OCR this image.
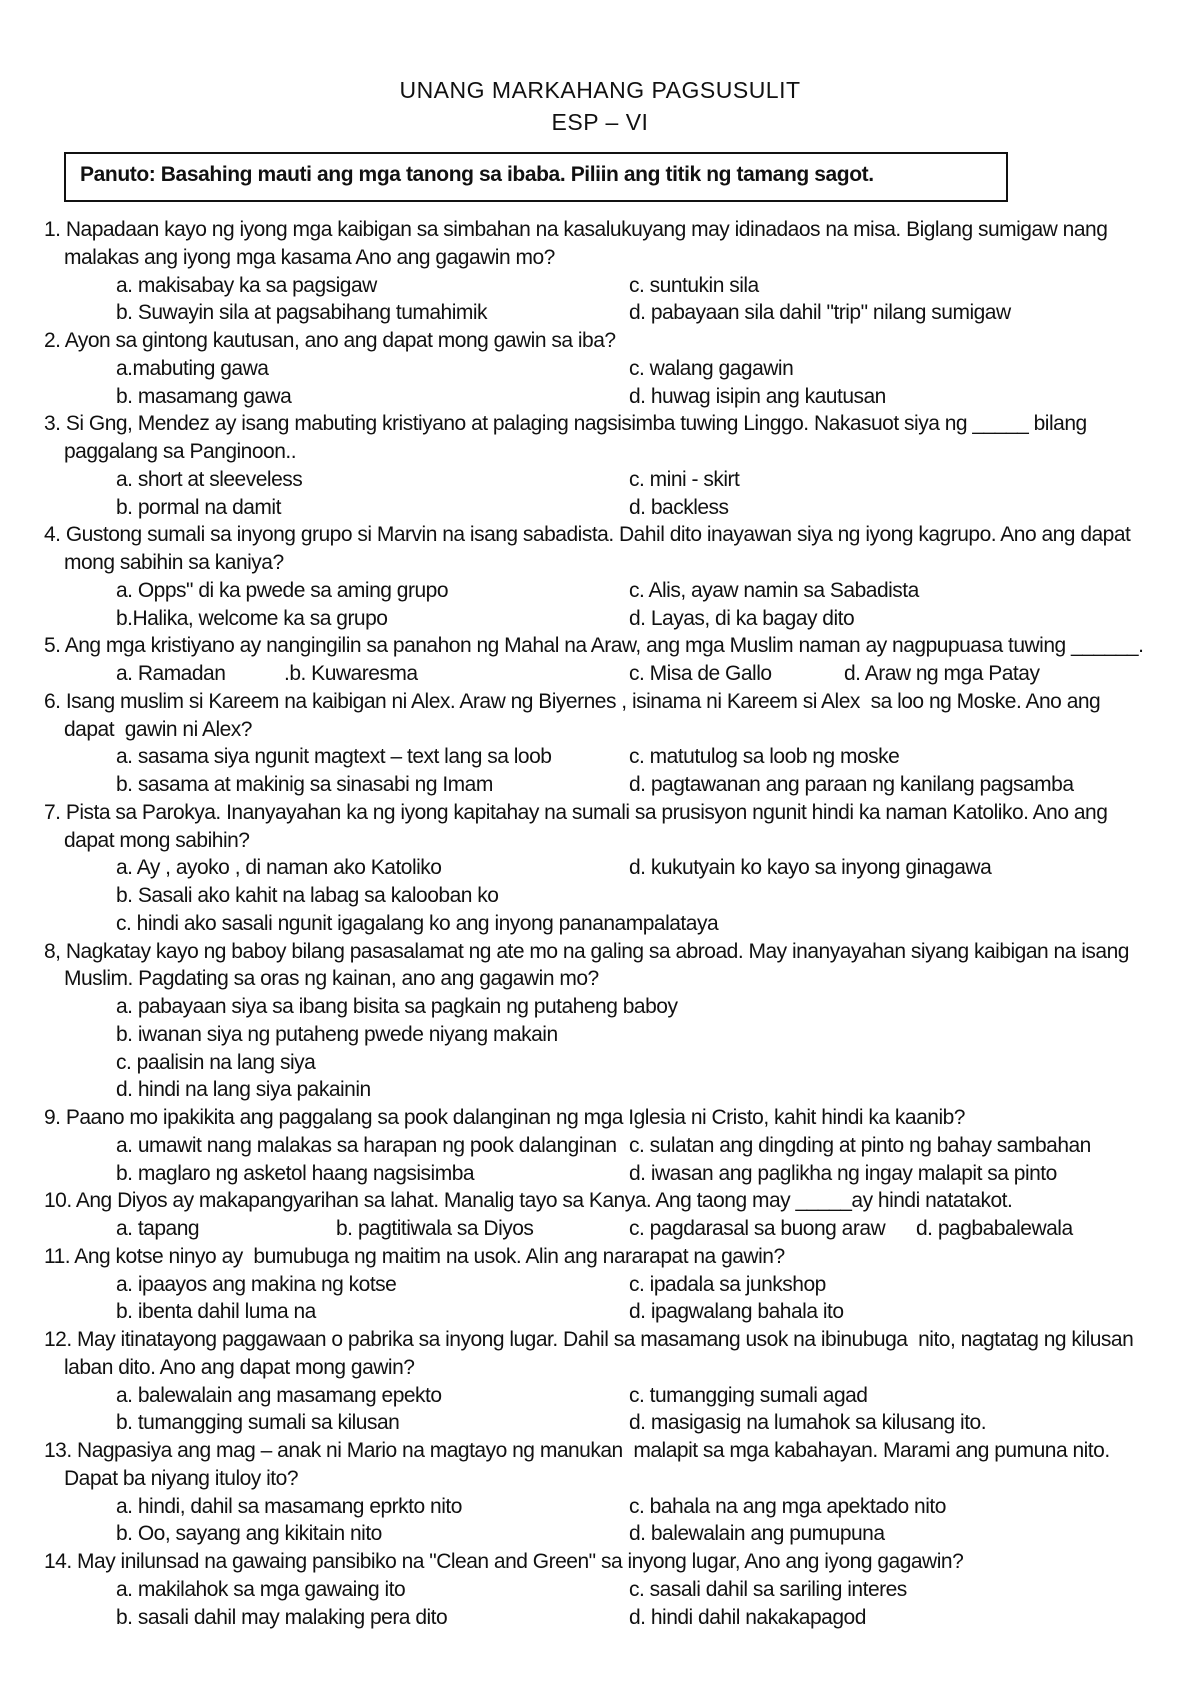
UNANG MARKAHANG PAGSUSULIT
ESP – VI
Panuto: Basahing mauti ang mga tanong sa ibaba. Piliin ang titik ng tamang sagot.
1. Napadaan kayo ng iyong mga kaibigan sa simbahan na kasalukuyang may idinadaos na misa. Biglang sumigaw nang
malakas ang iyong mga kasama Ano ang gagawin mo?
a. makisabay ka sa pagsigaw	c. suntukin sila
b. Suwayin sila at pagsabihang tumahimik	d. pabayaan sila dahil "trip" nilang sumigaw
2. Ayon sa gintong kautusan, ano ang dapat mong gawin sa iba?
a.mabuting gawa	c. walang gagawin
b. masamang gawa	d. huwag isipin ang kautusan
3. Si Gng, Mendez ay isang mabuting kristiyano at palaging nagsisimba tuwing Linggo. Nakasuot siya ng _____ bilang
paggalang sa Panginoon..
a. short at sleeveless	c. mini - skirt
b. pormal na damit	d. backless
4. Gustong sumali sa inyong grupo si Marvin na isang sabadista. Dahil dito inayawan siya ng iyong kagrupo. Ano ang dapat
mong sabihin sa kaniya?
a. Opps" di ka pwede sa aming grupo	c. Alis, ayaw namin sa Sabadista
b.Halika, welcome ka sa grupo	d. Layas, di ka bagay dito
5. Ang mga kristiyano ay nangingilin sa panahon ng Mahal na Araw, ang mga Muslim naman ay nagpupuasa tuwing ______.
a. Ramadan	.b. Kuwaresma	c. Misa de Gallo	d. Araw ng mga Patay
6. Isang muslim si Kareem na kaibigan ni Alex. Araw ng Biyernes , isinama ni Kareem si Alex  sa loo ng Moske. Ano ang
dapat  gawin ni Alex?
a. sasama siya ngunit magtext – text lang sa loob	c. matutulog sa loob ng moske
b. sasama at makinig sa sinasabi ng Imam	d. pagtawanan ang paraan ng kanilang pagsamba
7. Pista sa Parokya. Inanyayahan ka ng iyong kapitahay na sumali sa prusisyon ngunit hindi ka naman Katoliko. Ano ang
dapat mong sabihin?
a. Ay , ayoko , di naman ako Katoliko	d. kukutyain ko kayo sa inyong ginagawa
b. Sasali ako kahit na labag sa kalooban ko
c. hindi ako sasali ngunit igagalang ko ang inyong pananampalataya
8, Nagkatay kayo ng baboy bilang pasasalamat ng ate mo na galing sa abroad. May inanyayahan siyang kaibigan na isang
Muslim. Pagdating sa oras ng kainan, ano ang gagawin mo?
a. pabayaan siya sa ibang bisita sa pagkain ng putaheng baboy
b. iwanan siya ng putaheng pwede niyang makain
c. paalisin na lang siya
d. hindi na lang siya pakainin
9. Paano mo ipakikita ang paggalang sa pook dalanginan ng mga Iglesia ni Cristo, kahit hindi ka kaanib?
a. umawit nang malakas sa harapan ng pook dalanginan c. sulatan ang dingding at pinto ng bahay sambahan
b. maglaro ng asketol haang nagsisimba	d. iwasan ang paglikha ng ingay malapit sa pinto
10. Ang Diyos ay makapangyarihan sa lahat. Manalig tayo sa Kanya. Ang taong may _____ay hindi natatakot.
a. tapang	b. pagtitiwala sa Diyos	c. pagdarasal sa buong araw d. pagbabalewala
11. Ang kotse ninyo ay  bumubuga ng maitim na usok. Alin ang nararapat na gawin?
a. ipaayos ang makina ng kotse	c. ipadala sa junkshop
b. ibenta dahil luma na	d. ipagwalang bahala ito
12. May itinatayong paggawaan o pabrika sa inyong lugar. Dahil sa masamang usok na ibinubuga  nito, nagtatag ng kilusan
laban dito. Ano ang dapat mong gawin?
a. balewalain ang masamang epekto	c. tumangging sumali agad
b. tumangging sumali sa kilusan	d. masigasig na lumahok sa kilusang ito.
13. Nagpasiya ang mag – anak ni Mario na magtayo ng manukan  malapit sa mga kabahayan. Marami ang pumuna nito.
Dapat ba niyang ituloy ito?
a. hindi, dahil sa masamang eprkto nito	c. bahala na ang mga apektado nito
b. Oo, sayang ang kikitain nito	d. balewalain ang pumupuna
14. May inilunsad na gawaing pansibiko na "Clean and Green" sa inyong lugar, Ano ang iyong gagawin?
a. makilahok sa mga gawaing ito	c. sasali dahil sa sariling interes
b. sasali dahil may malaking pera dito	d. hindi dahil nakakapagod
